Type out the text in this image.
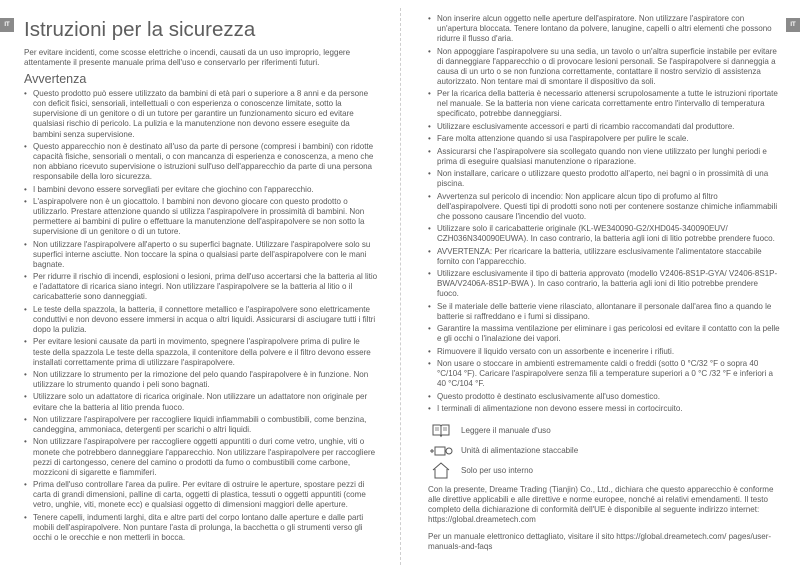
IT	IT
Istruzioni per la sicurezza

Per evitare incidenti, come scosse elettriche o incendi, causati da un uso improprio, leggere attentamente il presente manuale prima dell'uso e conservarlo per riferimenti futuri.

Avvertenza
• Questo prodotto può essere utilizzato da bambini di età pari o superiore a 8 anni e da persone con deficit fisici, sensoriali, intellettuali o con esperienza o conoscenze limitate, sotto la supervisione di un genitore o di un tutore per garantire un funzionamento sicuro ed evitare qualsiasi rischio di pericolo. La pulizia e la manutenzione non devono essere eseguite da bambini senza supervisione.
• Questo apparecchio non è destinato all'uso da parte di persone (compresi i bambini) con ridotte capacità fisiche, sensoriali o mentali, o con mancanza di esperienza e conoscenza, a meno che non abbiano ricevuto supervisione o istruzioni sull'uso dell'apparecchio da parte di una persona responsabile della loro sicurezza.
• I bambini devono essere sorvegliati per evitare che giochino con l'apparecchio.
• L'aspirapolvere non è un giocattolo. I bambini non devono giocare con questo prodotto o utilizzarlo. Prestare attenzione quando si utilizza l'aspirapolvere in prossimità di bambini. Non permettere ai bambini di pulire o effettuare la manutenzione dell'aspirapolvere se non sotto la supervisione di un genitore o di un tutore.
• Non utilizzare l'aspirapolvere all'aperto o su superfici bagnate. Utilizzare l'aspirapolvere solo su superfici interne asciutte. Non toccare la spina o qualsiasi parte dell'aspirapolvere con le mani bagnate.
• Per ridurre il rischio di incendi, esplosioni o lesioni, prima dell'uso accertarsi che la batteria al litio e l'adattatore di ricarica siano integri. Non utilizzare l'aspirapolvere se la batteria al litio o il caricabatterie sono danneggiati.
• Le teste della spazzola, la batteria, il connettore metallico e l'aspirapolvere sono elettricamente conduttivi e non devono essere immersi in acqua o altri liquidi. Assicurarsi di asciugare tutti i filtri dopo la pulizia.
• Per evitare lesioni causate da parti in movimento, spegnere l'aspirapolvere prima di pulire le teste della spazzola Le teste della spazzola, il contenitore della polvere e il filtro devono essere installati correttamente prima di utilizzare l'aspirapolvere.
• Non utilizzare lo strumento per la rimozione del pelo quando l'aspirapolvere è in funzione. Non utilizzare lo strumento quando i peli sono bagnati.
• Utilizzare solo un adattatore di ricarica originale. Non utilizzare un adattatore non originale per evitare che la batteria al litio prenda fuoco.
• Non utilizzare l'aspirapolvere per raccogliere liquidi infiammabili o combustibili, come benzina, candeggina, ammoniaca, detergenti per scarichi o altri liquidi.
• Non utilizzare l'aspirapolvere per raccogliere oggetti appuntiti o duri come vetro, unghie, viti o monete che potrebbero danneggiare l'apparecchio. Non utilizzare l'aspirapolvere per raccogliere pezzi di cartongesso, cenere del camino o prodotti da fumo o combustibili come carbone, mozziconi di sigarette e fiammiferi.
• Prima dell'uso controllare l'area da pulire. Per evitare di ostruire le aperture, spostare pezzi di carta di grandi dimensioni, palline di carta, oggetti di plastica, tessuti o oggetti appuntiti (come vetro, unghie, viti, monete ecc) e qualsiasi oggetto di dimensioni maggiori delle aperture.
• Tenere capelli, indumenti larghi, dita e altre parti del corpo lontano dalle aperture e dalle parti mobili dell'aspirapolvere. Non puntare l'asta di prolunga, la bacchetta o gli strumenti verso gli occhi o le orecchie e non metterli in bocca.
• Non inserire alcun oggetto nelle aperture dell'aspiratore. Non utilizzare l'aspiratore con un'apertura bloccata. Tenere lontano da polvere, lanugine, capelli o altri elementi che possono ridurre il flusso d'aria.
• Non appoggiare l'aspirapolvere su una sedia, un tavolo o un'altra superficie instabile per evitare di danneggiare l'apparecchio o di provocare lesioni personali. Se l'aspirapolvere si danneggia a causa di un urto o se non funziona correttamente, contattare il nostro servizio di assistenza autorizzato. Non tentare mai di smontare il dispositivo da soli.
• Per la ricarica della batteria è necessario attenersi scrupolosamente a tutte le istruzioni riportate nel manuale. Se la batteria non viene caricata correttamente entro l'intervallo di temperatura specificato, potrebbe danneggiarsi.
• Utilizzare esclusivamente accessori e parti di ricambio raccomandati dal produttore.
• Fare molta attenzione quando si usa l'aspirapolvere per pulire le scale.
• Assicurarsi che l'aspirapolvere sia scollegato quando non viene utilizzato per lunghi periodi e prima di eseguire qualsiasi manutenzione o riparazione.
• Non installare, caricare o utilizzare questo prodotto all'aperto, nei bagni o in prossimità di una piscina.
• Avvertenza sul pericolo di incendio: Non applicare alcun tipo di profumo al filtro dell'aspirapolvere. Questi tipi di prodotti sono noti per contenere sostanze chimiche infiammabili che possono causare l'incendio del vuoto.
• Utilizzare solo il caricabatterie originale (KL-WE340090-G2/XHD045-340090EUV/ CZH036N340090EUWA). In caso contrario, la batteria agli ioni di litio potrebbe prendere fuoco.
• AVVERTENZA: Per ricaricare la batteria, utilizzare esclusivamente l'alimentatore staccabile fornito con l'apparecchio.
• Utilizzare esclusivamente il tipo di batteria approvato (modello V2406-8S1P-GYA/ V2406-8S1P-BWA/V2406A-8S1P-BWA ). In caso contrario, la batteria agli ioni di litio potrebbe prendere fuoco.
• Se il materiale delle batterie viene rilasciato, allontanare il personale dall'area fino a quando le batterie si raffreddano e i fumi si dissipano.
• Garantire la massima ventilazione per eliminare i gas pericolosi ed evitare il contatto con la pelle e gli occhi o l'inalazione dei vapori.
• Rimuovere il liquido versato con un assorbente e incenerire i rifiuti.
• Non usare o stoccare in ambienti estremamente caldi o freddi (sotto 0 °C/32 °F o sopra 40 °C/104 °F). Caricare l'aspirapolvere senza fili a temperature superiori a 0 °C /32 °F e inferiori a 40 °C/104 °F.
• Questo prodotto è destinato esclusivamente all'uso domestico.
• I terminali di alimentazione non devono essere messi in cortocircuito.
Leggere il manuale d'uso
Unità di alimentazione staccabile
Solo per uso interno

Con la presente, Dreame Trading (Tianjin) Co., Ltd., dichiara che questo apparecchio è conforme alle direttive applicabili e alle direttive e norme europee, nonché ai relativi emendamenti. Il testo completo della dichiarazione di conformità dell'UE è disponibile al seguente indirizzo internet: https://global.dreametech.com

Per un manuale elettronico dettagliato, visitare il sito https://global.dreametech.com/ pages/user-manuals-and-faqs
